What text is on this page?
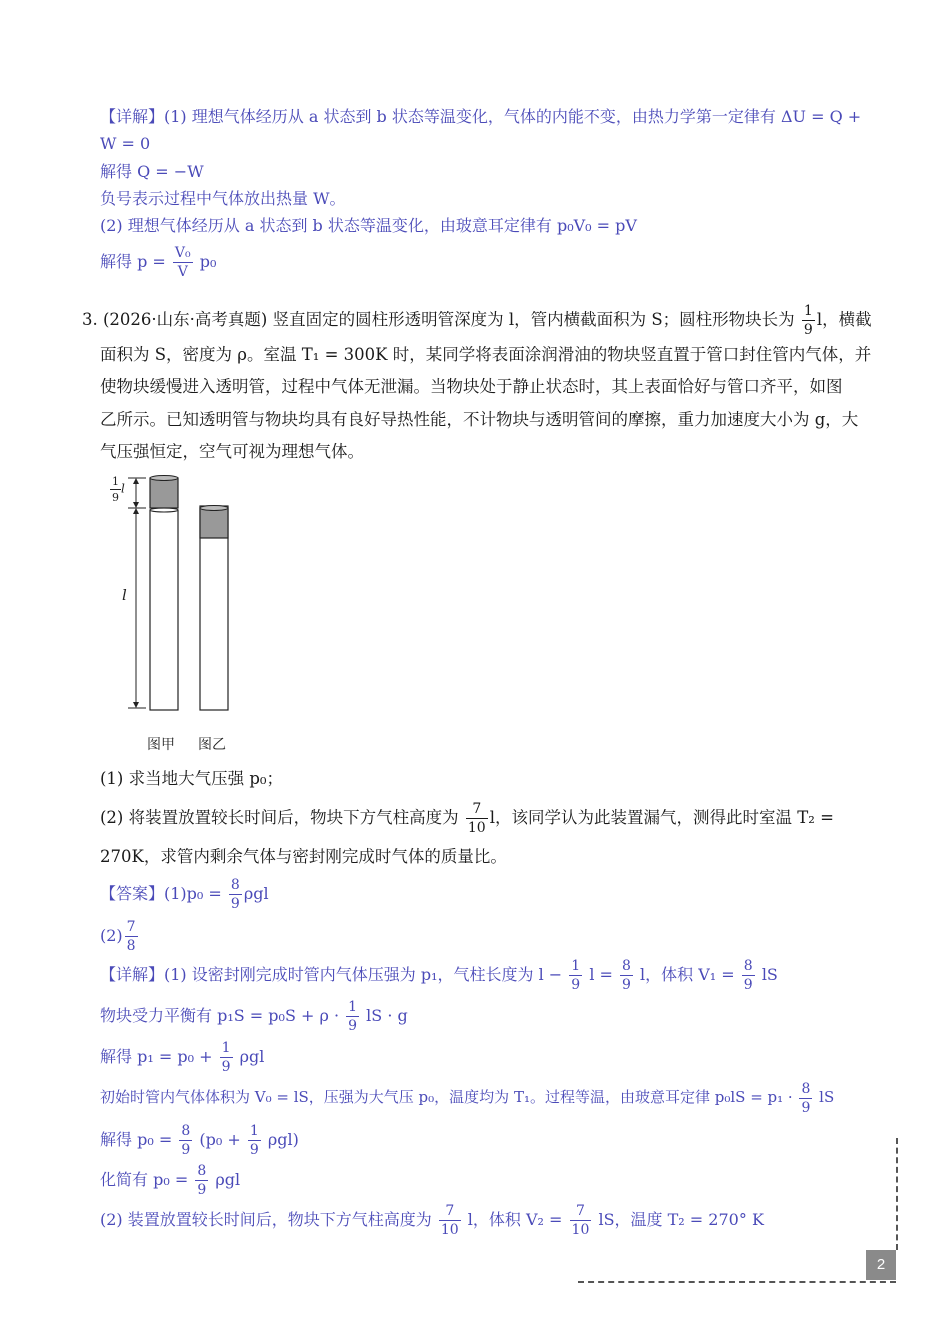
【详解】(1) 理想气体经历从 a 状态到 b 状态等温变化，气体的内能不变，由热力学第一定律有 ΔU = Q +
W = 0
解得 Q = −W
负号表示过程中气体放出热量 W。
(2) 理想气体经历从 a 状态到 b 状态等温变化，由玻意耳定律有 p₀V₀ = pV
解得 $p = \frac{\text{V₀}}{V} p_0$
3. (2026·山东·高考真题) 竖直固定的圆柱形透明管深度为 l，管内横截面积为 S；圆柱形物块长为 $\frac{1}{9}$ l，横截
面积为 S，密度为 ρ。室温 T₁ = 300K 时，某同学将表面涂润滑油的物块竖直置于管口封住管内气体，并
使物块缓慢进入透明管，过程中气体无泄漏。当物块处于静止状态时，其上表面恰好与管口齐平，如图
乙所示。已知透明管与物块均具有良好导热性能，不计物块与透明管间的摩擦，重力加速度大小为 g，大
气压强恒定，空气可视为理想气体。
$\frac{1}{9}$ l
l
图甲 图乙
(1) 求当地大气压强 p₀；
(2) 将装置放置较长时间后，物块下方气柱高度为 $\frac{7}{10}$ l，该同学认为此装置漏气，测得此时室温 T₂ =
270K，求管内剩余气体与密封刚完成时气体的质量比。
【答案】$(1)p_0 = \frac{8}{9}$ ρgl
$(2) \frac{7}{8}$
【详解】(1) 设密封刚完成时管内气体压强为 p₁，气柱长度为 $l - \frac{1}{9}$ $l = \frac{8}{9}$ l，体积 $V_1 = \frac{8}{9}$ lS
物块受力平衡有 $p_1S = p_0S + \rho \cdot \frac{1}{9}$ lS · g
解得 $p_1 = p_0 + \frac{1}{9}$ ρgl
初始时管内气体体积为 V₀ = lS，压强为大气压 p₀，温度均为 T₁。过程等温，由玻意耳定律 $p_0lS = p_1 \cdot \frac{8}{9}$ lS
解得 $p_0 = \frac{8}{9} (p_0 + \frac{1}{9} \rho gl)$
化简有 $p_0 = \frac{8}{9}$ ρgl
(2) 装置放置较长时间后，物块下方气柱高度为 $\frac{7}{10}$ l，体积 $V_2 = \frac{7}{10}$ lS，温度 T₂ = 270° K
2
